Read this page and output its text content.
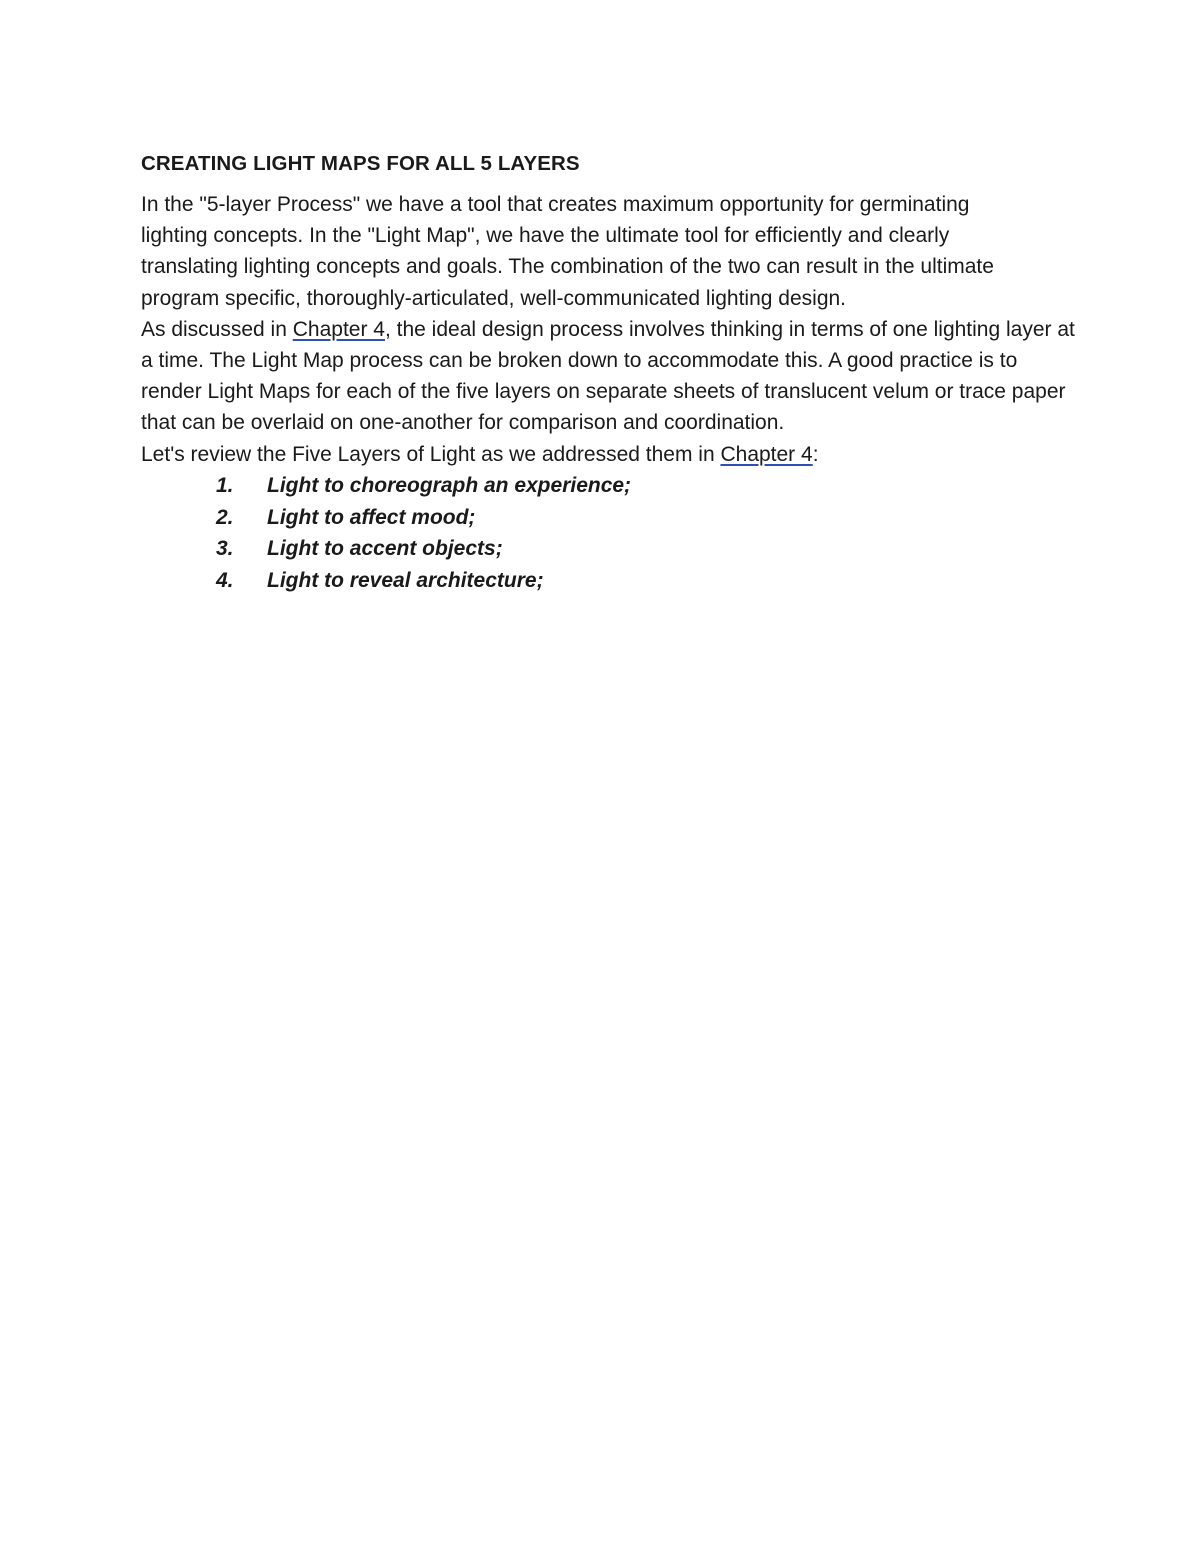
CREATING LIGHT MAPS FOR ALL 5 LAYERS

In the "5-layer Process" we have a tool that creates maximum opportunity for germinating lighting concepts. In the "Light Map", we have the ultimate tool for efficiently and clearly translating lighting concepts and goals. The combination of the two can result in the ultimate program specific, thoroughly-articulated, well-communicated lighting design.

As discussed in Chapter 4, the ideal design process involves thinking in terms of one lighting layer at a time. The Light Map process can be broken down to accommodate this. A good practice is to render Light Maps for each of the five layers on separate sheets of translucent velum or trace paper that can be overlaid on one-another for comparison and coordination.

Let's review the Five Layers of Light as we addressed them in Chapter 4:

1. Light to choreograph an experience;
2. Light to affect mood;
3. Light to accent objects;
4. Light to reveal architecture;
